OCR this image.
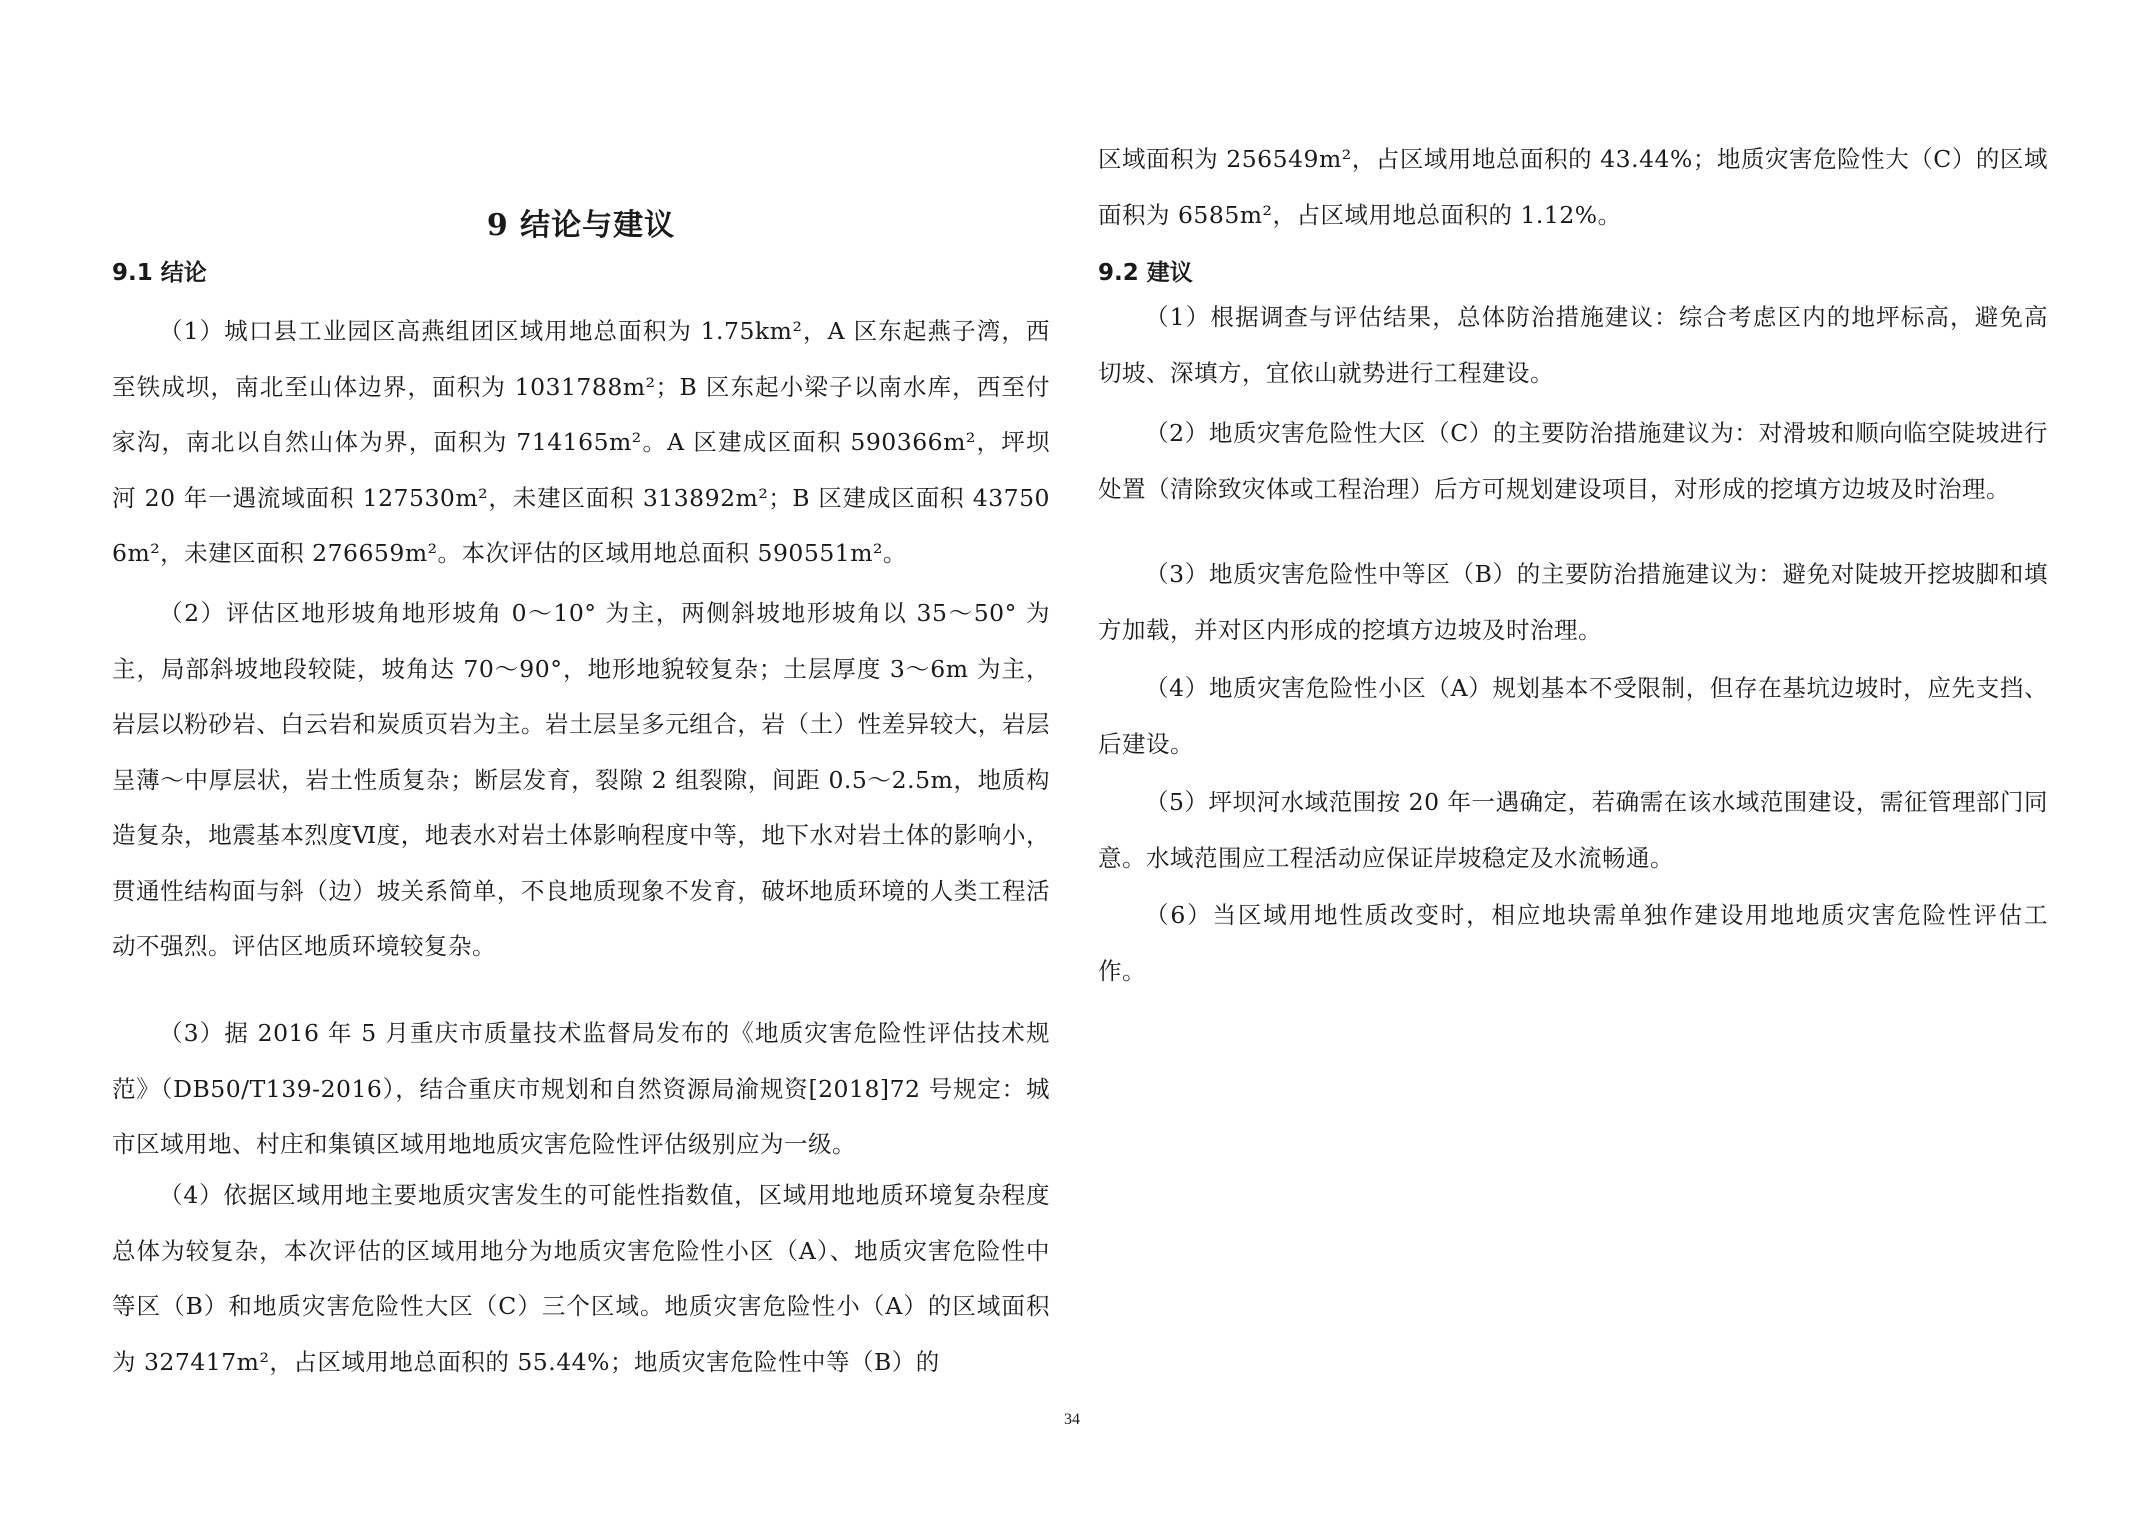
9 结论与建议
9.1 结论

（1）城口县工业园区高燕组团区域用地总面积为 1.75km²，A 区东起燕子湾，西至铁成坝，南北至山体边界，面积为 1031788m²；B 区东起小梁子以南水库，西至付家沟，南北以自然山体为界，面积为 714165m²。A 区建成区面积 590366m²，坪坝河 20 年一遇流域面积 127530m²，未建区面积 313892m²；B 区建成区面积 437506m²，未建区面积 276659m²。本次评估的区域用地总面积 590551m²。

（2）评估区地形坡角地形坡角 0～10° 为主，两侧斜坡地形坡角以 35～50° 为主，局部斜坡地段较陡，坡角达 70～90°，地形地貌较复杂；土层厚度 3～6m 为主，岩层以粉砂岩、白云岩和炭质页岩为主。岩土层呈多元组合，岩（土）性差异较大，岩层呈薄～中厚层状，岩土性质复杂；断层发育，裂隙 2 组裂隙，间距 0.5～2.5m，地质构造复杂，地震基本烈度Ⅵ度，地表水对岩土体影响程度中等，地下水对岩土体的影响小，贯通性结构面与斜（边）坡关系简单，不良地质现象不发育，破坏地质环境的人类工程活动不强烈。评估区地质环境较复杂。

（3）据 2016 年 5 月重庆市质量技术监督局发布的《地质灾害危险性评估技术规范》（DB50/T139-2016），结合重庆市规划和自然资源局渝规资[2018]72 号规定：城市区域用地、村庄和集镇区域用地地质灾害危险性评估级别应为一级。

（4）依据区域用地主要地质灾害发生的可能性指数值，区域用地地质环境复杂程度总体为较复杂，本次评估的区域用地分为地质灾害危险性小区（A）、地质灾害危险性中等区（B）和地质灾害危险性大区（C）三个区域。地质灾害危险性小（A）的区域面积为 327417m²，占区域用地总面积的 55.44%；地质灾害危险性中等（B）的

区域面积为 256549m²，占区域用地总面积的 43.44%；地质灾害危险性大（C）的区域面积为 6585m²，占区域用地总面积的 1.12%。

9.2 建议

（1）根据调查与评估结果，总体防治措施建议：综合考虑区内的地坪标高，避免高切坡、深填方，宜依山就势进行工程建设。

（2）地质灾害危险性大区（C）的主要防治措施建议为：对滑坡和顺向临空陡坡进行处置（清除致灾体或工程治理）后方可规划建设项目，对形成的挖填方边坡及时治理。

（3）地质灾害危险性中等区（B）的主要防治措施建议为：避免对陡坡开挖坡脚和填方加载，并对区内形成的挖填方边坡及时治理。

（4）地质灾害危险性小区（A）规划基本不受限制，但存在基坑边坡时，应先支挡、后建设。

（5）坪坝河水域范围按 20 年一遇确定，若确需在该水域范围建设，需征管理部门同意。水域范围应工程活动应保证岸坡稳定及水流畅通。

（6）当区域用地性质改变时，相应地块需单独作建设用地地质灾害危险性评估工作。

34
